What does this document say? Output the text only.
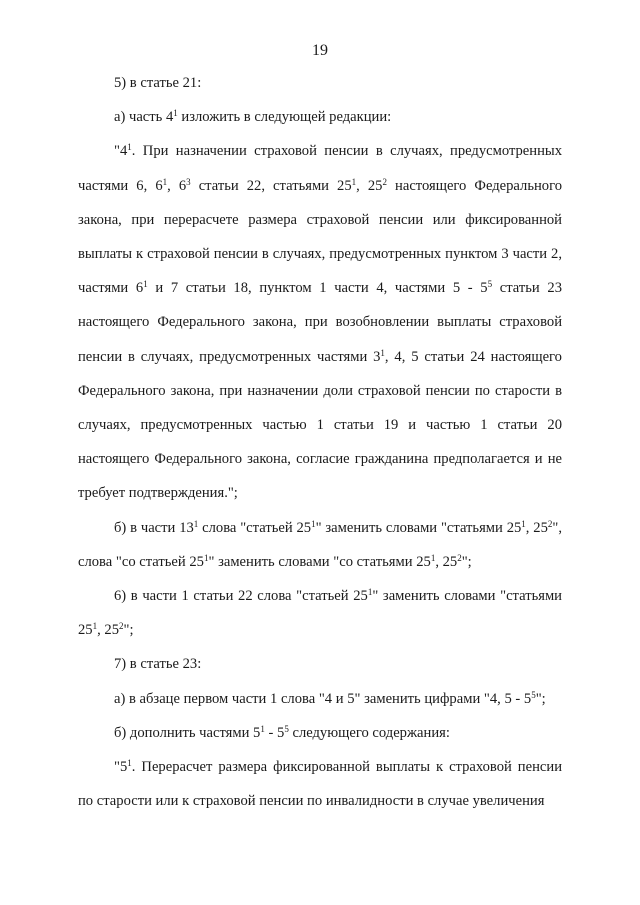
19

5) в статье 21:

а) часть $4^1$ изложить в следующей редакции:

"$4^1$. При назначении страховой пенсии в случаях, предусмотренных частями 6, $6^1$, $6^3$ статьи 22, статьями $25^1$, $25^2$ настоящего Федерального закона, при перерасчете размера страховой пенсии или фиксированной выплаты к страховой пенсии в случаях, предусмотренных пунктом 3 части 2, частями $6^1$ и 7 статьи 18, пунктом 1 части 4, частями $5 - 5^5$ статьи 23 настоящего Федерального закона, при возобновлении выплаты страховой пенсии в случаях, предусмотренных частями $3^1$, 4, 5 статьи 24 настоящего Федерального закона, при назначении доли страховой пенсии по старости в случаях, предусмотренных частью 1 статьи 19 и частью 1 статьи 20 настоящего Федерального закона, согласие гражданина предполагается и не требует подтверждения.";

б) в части $13^1$ слова "статьей $25^1$" заменить словами "статьями $25^1$, $25^2$", слова "со статьей $25^1$" заменить словами "со статьями $25^1$, $25^2$";

6) в части 1 статьи 22 слова "статьей $25^1$" заменить словами "статьями $25^1$, $25^2$";

7) в статье 23:

а) в абзаце первом части 1 слова "4 и 5" заменить цифрами "4, $5 - 5^5$";

б) дополнить частями $5^1 - 5^5$ следующего содержания:

"$5^1$. Перерасчет размера фиксированной выплаты к страховой пенсии по старости или к страховой пенсии по инвалидности в случае увеличения
